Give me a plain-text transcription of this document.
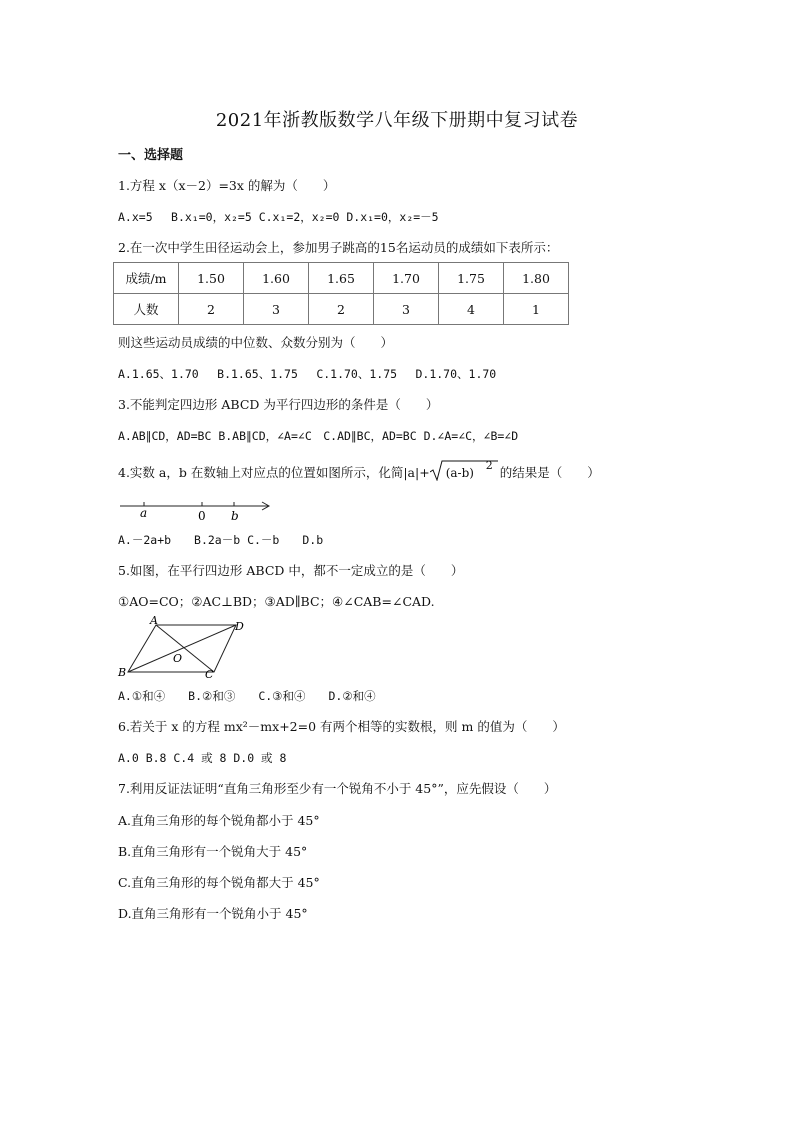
2021年浙教版数学八年级下册期中复习试卷
一、选择题
1.方程 x（x－2）=3x 的解为（　　）
A.x=5　 B.x₁=0，x₂=5 C.x₁=2，x₂=0 D.x₁=0，x₂=－5
2.在一次中学生田径运动会上，参加男子跳高的15名运动员的成绩如下表所示：
成绩/m	1.50	1.60	1.65	1.70	1.75	1.80
人数	2	3	2	3	4	1
则这些运动员成绩的中位数、众数分别为（　　）
A.1.65、1.70　 B.1.65、1.75　 C.1.70、1.75　 D.1.70、1.70
3.不能判定四边形 ABCD 为平行四边形的条件是（　　）
A.AB∥CD，AD=BC B.AB∥CD，∠A=∠C　C.AD∥BC，AD=BC D.∠A=∠C，∠B=∠D
4.实数 a，b 在数轴上对应点的位置如图所示，化简|a|+ (a-b)
2 的结果是（　　）
a	0 b
A.－2a+b　　B.2a－b C.－b　　D.b
5.如图，在平行四边形 ABCD 中，都不一定成立的是（　　）
①AO=CO；②AC⊥BD；③AD∥BC；④∠CAB=∠CAD.
A	D
B	C
O
A.①和④　　B.②和③　　C.③和④　　D.②和④
6.若关于 x 的方程 mx²－mx+2=0 有两个相等的实数根，则 m 的值为（　　）
A.0 B.8 C.4 或 8 D.0 或 8
7.利用反证法证明“直角三角形至少有一个锐角不小于 45°”，应先假设（　　）
A.直角三角形的每个锐角都小于 45°
B.直角三角形有一个锐角大于 45°
C.直角三角形的每个锐角都大于 45°
D.直角三角形有一个锐角小于 45°
